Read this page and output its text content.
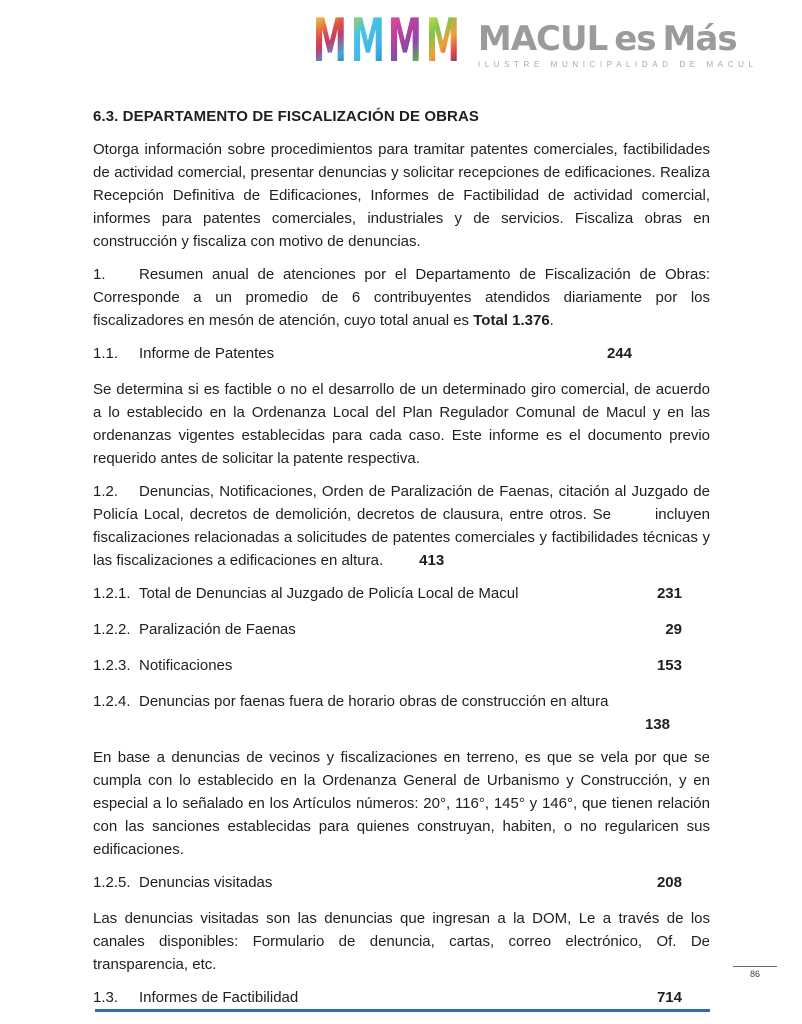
M M M M MACUL es Más
ILUSTRE MUNICIPALIDAD DE MACUL
6.3. DEPARTAMENTO DE FISCALIZACIÓN DE OBRAS

Otorga información sobre procedimientos para tramitar patentes comerciales, factibilidades de actividad comercial, presentar denuncias y solicitar recepciones de edificaciones. Realiza Recepción Definitiva de Edificaciones, Informes de Factibilidad de actividad comercial, informes para patentes comerciales, industriales y de servicios. Fiscaliza obras en construcción y fiscaliza con motivo de denuncias.

1. Resumen anual de atenciones por el Departamento de Fiscalización de Obras: Corresponde a un promedio de 6 contribuyentes atendidos diariamente por los fiscalizadores en mesón de atención, cuyo total anual es Total 1.376.

1.1.	Informe de Patentes	244

Se determina si es factible o no el desarrollo de un determinado giro comercial, de acuerdo a lo establecido en la Ordenanza Local del Plan Regulador Comunal de Macul y en las ordenanzas vigentes establecidas para cada caso. Este informe es el documento previo requerido antes de solicitar la patente respectiva.

1.2. Denuncias, Notificaciones, Orden de Paralización de Faenas, citación al Juzgado de Policía Local, decretos de demolición, decretos de clausura, entre otros. Se	incluyen fiscalizaciones relacionadas a solicitudes de patentes comerciales y factibilidades técnicas y las fiscalizaciones a edificaciones en altura. 413

1.2.1. Total de Denuncias al Juzgado de Policía Local de Macul	231
1.2.2. Paralización de Faenas	29
1.2.3. Notificaciones	153
1.2.4. Denuncias por faenas fuera de horario obras de construcción en altura
138

En base a denuncias de vecinos y fiscalizaciones en terreno, es que se vela por que se cumpla con lo establecido en la Ordenanza General de Urbanismo y Construcción, y en especial a lo señalado en los Artículos números: 20°, 116°, 145° y 146°, que tienen relación con las sanciones establecidas para quienes construyan, habiten, o no regularicen sus edificaciones.

1.2.5. Denuncias visitadas	208

Las denuncias visitadas son las denuncias que ingresan a la DOM, Le a través de los canales disponibles: Formulario de denuncia, cartas, correo electrónico, Of. De transparencia, etc.

1.3.	Informes de Factibilidad	714
86
